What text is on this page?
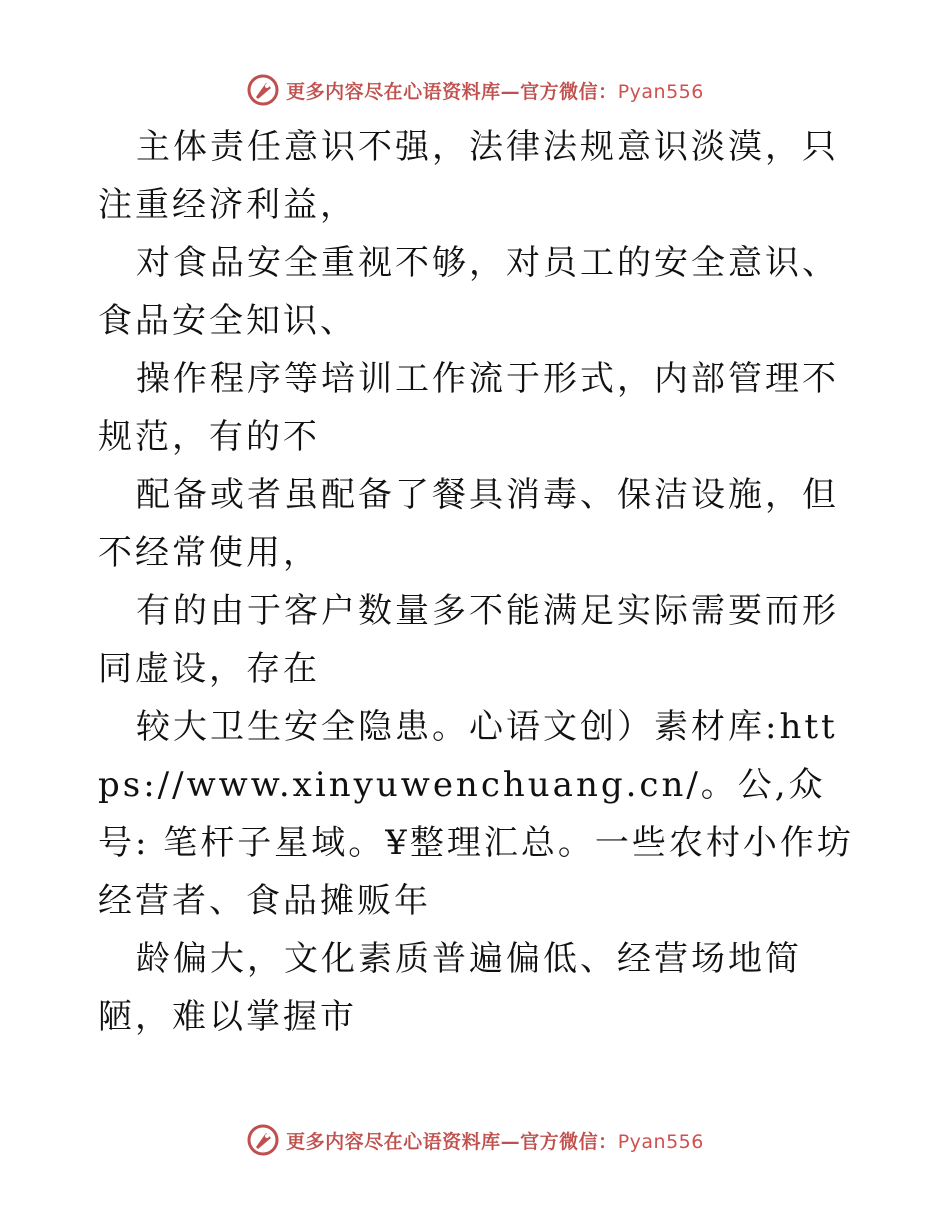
更多内容尽在心语资料库—官方微信：Pyan556

主体责任意识不强，法律法规意识淡漠，只注重经济利益，

对食品安全重视不够，对员工的安全意识、食品安全知识、

操作程序等培训工作流于形式，内部管理不规范，有的不

配备或者虽配备了餐具消毒、保洁设施，但不经常使用，

有的由于客户数量多不能满足实际需要而形同虚设，存在

较大卫生安全隐患。心语文创）素材库:https://www.xinyuwenchuang.cn/。公,众号: 笔杆子星域。¥整理汇总。一些农村小作坊经营者、食品摊贩年

龄偏大，文化素质普遍偏低、经营场地简陋，难以掌握市

更多内容尽在心语资料库—官方微信：Pyan556
